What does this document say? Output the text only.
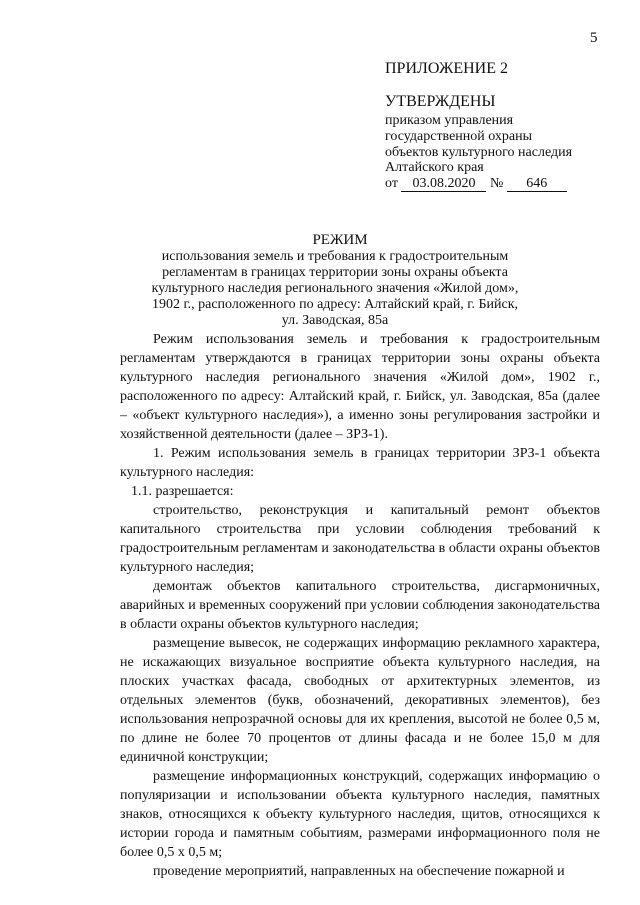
5
ПРИЛОЖЕНИЕ 2
УТВЕРЖДЕНЫ
приказом управления
государственной охраны
объектов культурного наследия
Алтайского края
от 03.08.2020 № 646
РЕЖИМ
использования земель и требования к градостроительным
регламентам в границах территории зоны охраны объекта
культурного наследия регионального значения «Жилой дом»,
1902 г., расположенного по адресу: Алтайский край, г. Бийск,
ул. Заводская, 85а

Режим использования земель и требования к градостроительным регламентам утверждаются в границах территории зоны охраны объекта культурного наследия регионального значения «Жилой дом», 1902 г., расположенного по адресу: Алтайский край, г. Бийск, ул. Заводская, 85а (далее – «объект культурного наследия»), а именно зоны регулирования застройки и хозяйственной деятельности (далее – ЗРЗ-1).

1. Режим использования земель в границах территории ЗРЗ-1 объекта культурного наследия:

1.1. разрешается:

строительство, реконструкция и капитальный ремонт объектов капитального строительства при условии соблюдения требований к градостроительным регламентам и законодательства в области охраны объектов культурного наследия;

демонтаж объектов капитального строительства, дисгармоничных, аварийных и временных сооружений при условии соблюдения законодательства в области охраны объектов культурного наследия;

размещение вывесок, не содержащих информацию рекламного характера, не искажающих визуальное восприятие объекта культурного наследия, на плоских участках фасада, свободных от архитектурных элементов, из отдельных элементов (букв, обозначений, декоративных элементов), без использования непрозрачной основы для их крепления, высотой не более 0,5 м, по длине не более 70 процентов от длины фасада и не более 15,0 м для единичной конструкции;

размещение информационных конструкций, содержащих информацию о популяризации и использовании объекта культурного наследия, памятных знаков, относящихся к объекту культурного наследия, щитов, относящихся к истории города и памятным событиям, размерами информационного поля не более 0,5 х 0,5 м;

проведение мероприятий, направленных на обеспечение пожарной и
